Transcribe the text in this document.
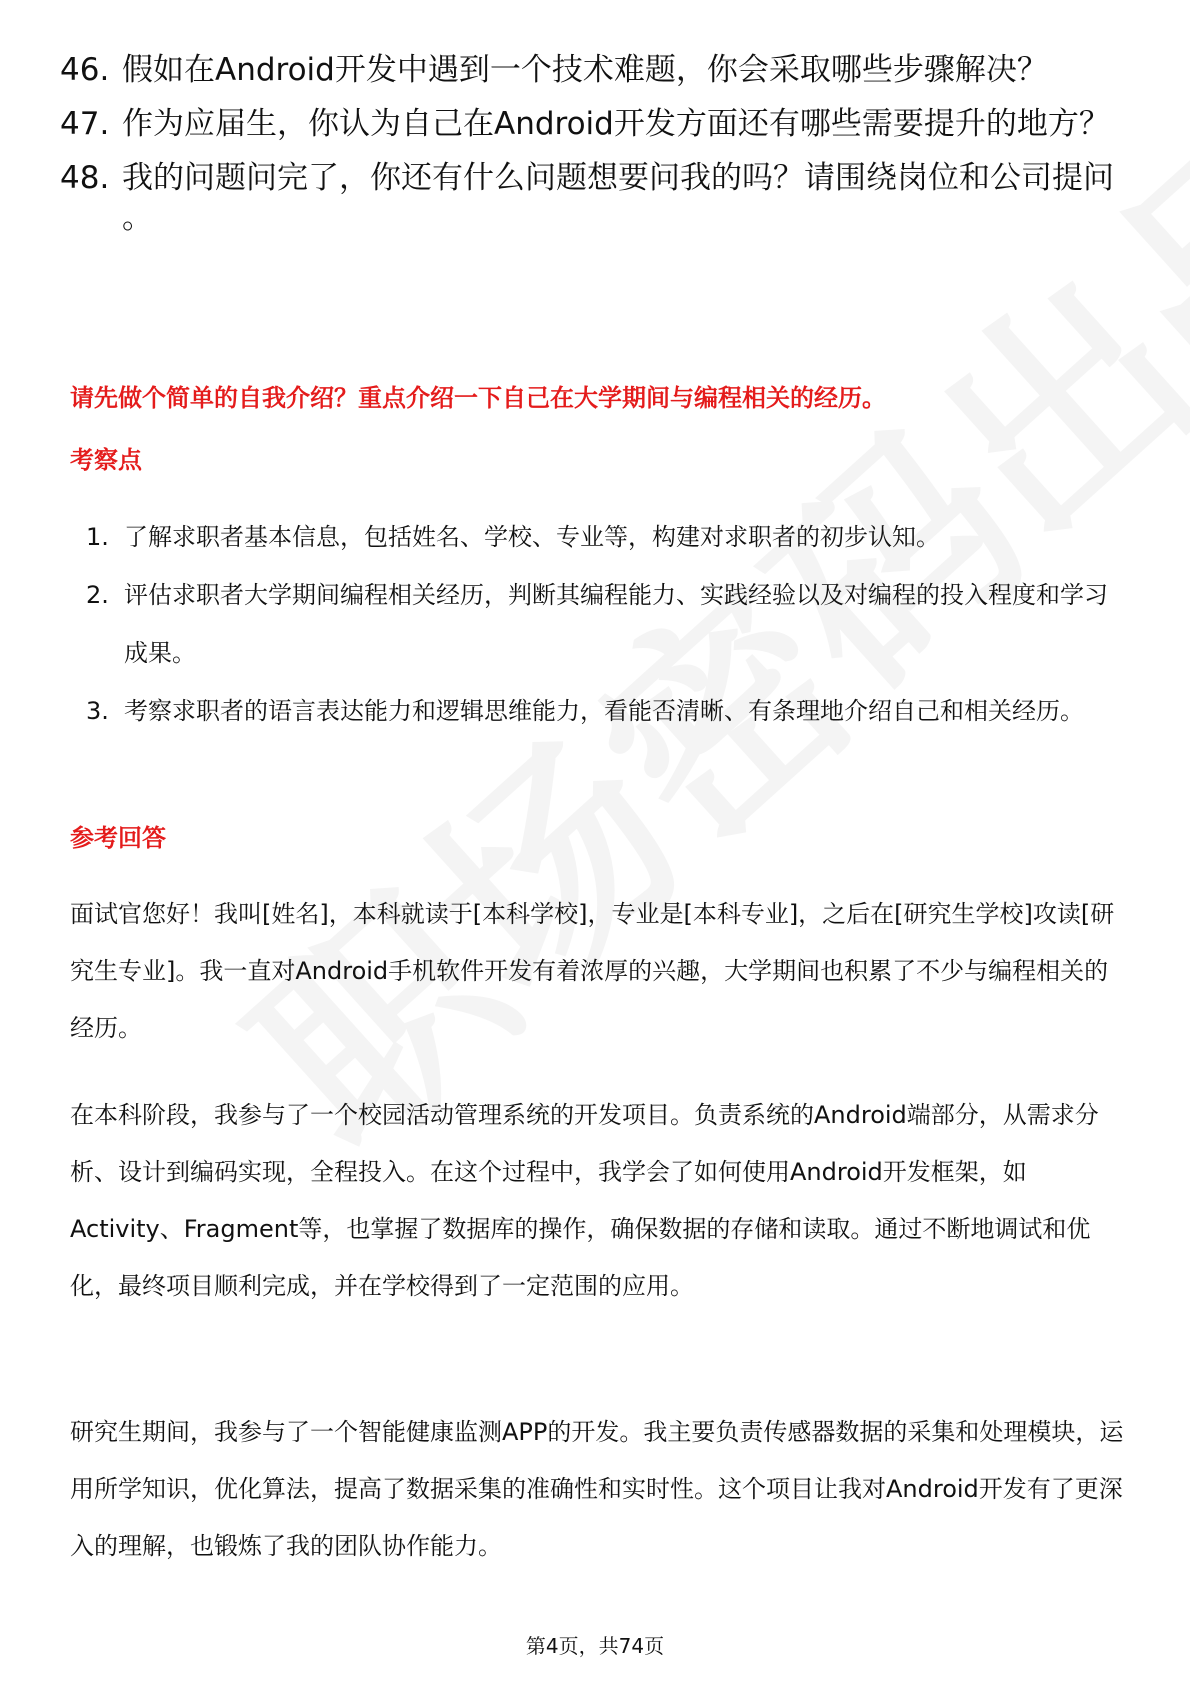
46. 假如在Android开发中遇到一个技术难题，你会采取哪些步骤解决？
47. 作为应届生，你认为自己在Android开发方面还有哪些需要提升的地方？
48. 我的问题问完了，你还有什么问题想要问我的吗？请围绕岗位和公司提问 。
请先做个简单的自我介绍？重点介绍一下自己在大学期间与编程相关的经历。
考察点
1. 了解求职者基本信息，包括姓名、学校、专业等，构建对求职者的初步认知。
2. 评估求职者大学期间编程相关经历，判断其编程能力、实践经验以及对编程的投入程度和学习成果。
3. 考察求职者的语言表达能力和逻辑思维能力，看能否清晰、有条理地介绍自己和相关经历。
参考回答

面试官您好！我叫[姓名]，本科就读于[本科学校]，专业是[本科专业]，之后在[研究生学校]攻读[研究生专业]。我一直对Android手机软件开发有着浓厚的兴趣，大学期间也积累了不少与编程相关的经历。

在本科阶段，我参与了一个校园活动管理系统的开发项目。负责系统的Android端部分，从需求分析、设计到编码实现，全程投入。在这个过程中，我学会了如何使用Android开发框架，如Activity、Fragment等，也掌握了数据库的操作，确保数据的存储和读取。通过不断地调试和优化，最终项目顺利完成，并在学校得到了一定范围的应用。

研究生期间，我参与了一个智能健康监测APP的开发。我主要负责传感器数据的采集和处理模块，运用所学知识，优化算法，提高了数据采集的准确性和实时性。这个项目让我对Android开发有了更深入的理解，也锻炼了我的团队协作能力。

第4页，共74页
